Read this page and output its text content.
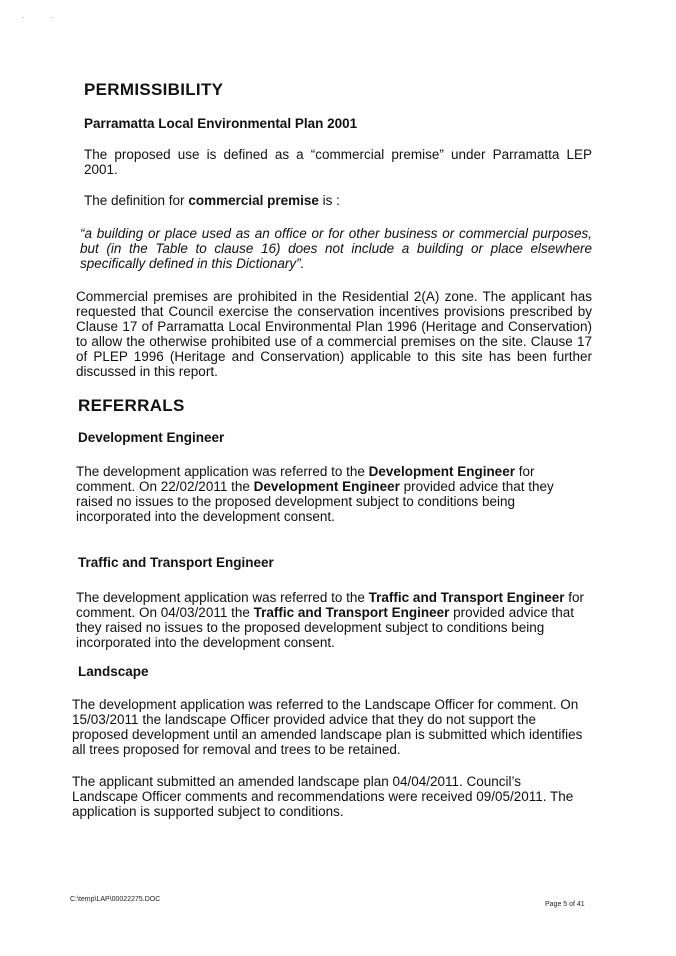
. .
PERMISSIBILITY
Parramatta Local Environmental Plan 2001

The proposed use is defined as a “commercial premise” under Parramatta LEP 2001.

The definition for commercial premise is :

“a building or place used as an office or for other business or commercial purposes, but (in the Table to clause 16) does not include a building or place elsewhere specifically defined in this Dictionary”.

Commercial premises are prohibited in the Residential 2(A) zone. The applicant has requested that Council exercise the conservation incentives provisions prescribed by Clause 17 of Parramatta Local Environmental Plan 1996 (Heritage and Conservation) to allow the otherwise prohibited use of a commercial premises on the site. Clause 17 of PLEP 1996 (Heritage and Conservation) applicable to this site has been further discussed in this report.

REFERRALS
Development Engineer

The development application was referred to the Development Engineer for comment. On 22/02/2011 the Development Engineer provided advice that they raised no issues to the proposed development subject to conditions being incorporated into the development consent.

Traffic and Transport Engineer

The development application was referred to the Traffic and Transport Engineer for comment. On 04/03/2011 the Traffic and Transport Engineer provided advice that they raised no issues to the proposed development subject to conditions being incorporated into the development consent.

Landscape

The development application was referred to the Landscape Officer for comment. On 15/03/2011 the landscape Officer provided advice that they do not support the proposed development until an amended landscape plan is submitted which identifies all trees proposed for removal and trees to be retained.

The applicant submitted an amended landscape plan 04/04/2011. Council’s Landscape Officer comments and recommendations were received 09/05/2011. The application is supported subject to conditions.

C:\temp\LAP\00022275.DOC
Page 5 of 41
